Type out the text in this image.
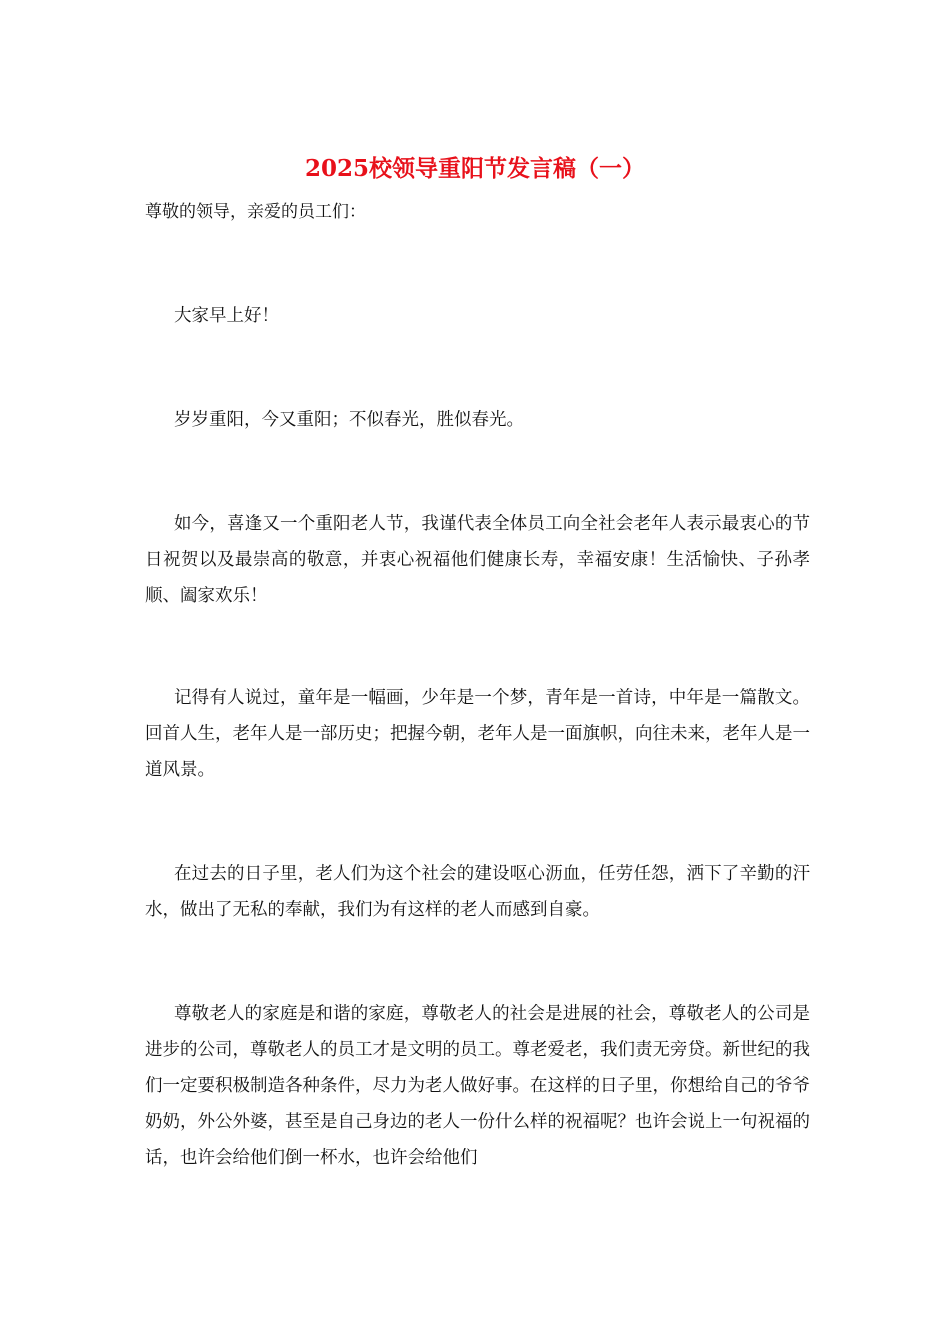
2025校领导重阳节发言稿（一）

尊敬的领导，亲爱的员工们：

大家早上好！

岁岁重阳，今又重阳；不似春光，胜似春光。

如今，喜逢又一个重阳老人节，我谨代表全体员工向全社会老年人表示最衷心的节日祝贺以及最崇高的敬意，并衷心祝福他们健康长寿，幸福安康！生活愉快、子孙孝顺、阖家欢乐！

记得有人说过，童年是一幅画，少年是一个梦，青年是一首诗，中年是一篇散文。回首人生，老年人是一部历史；把握今朝，老年人是一面旗帜，向往未来，老年人是一道风景。

在过去的日子里，老人们为这个社会的建设呕心沥血，任劳任怨，洒下了辛勤的汗水，做出了无私的奉献，我们为有这样的老人而感到自豪。

尊敬老人的家庭是和谐的家庭，尊敬老人的社会是进展的社会，尊敬老人的公司是进步的公司，尊敬老人的员工才是文明的员工。尊老爱老，我们责无旁贷。新世纪的我们一定要积极制造各种条件，尽力为老人做好事。在这样的日子里，你想给自己的爷爷奶奶，外公外婆，甚至是自己身边的老人一份什么样的祝福呢？也许会说上一句祝福的话，也许会给他们倒一杯水，也许会给他们
